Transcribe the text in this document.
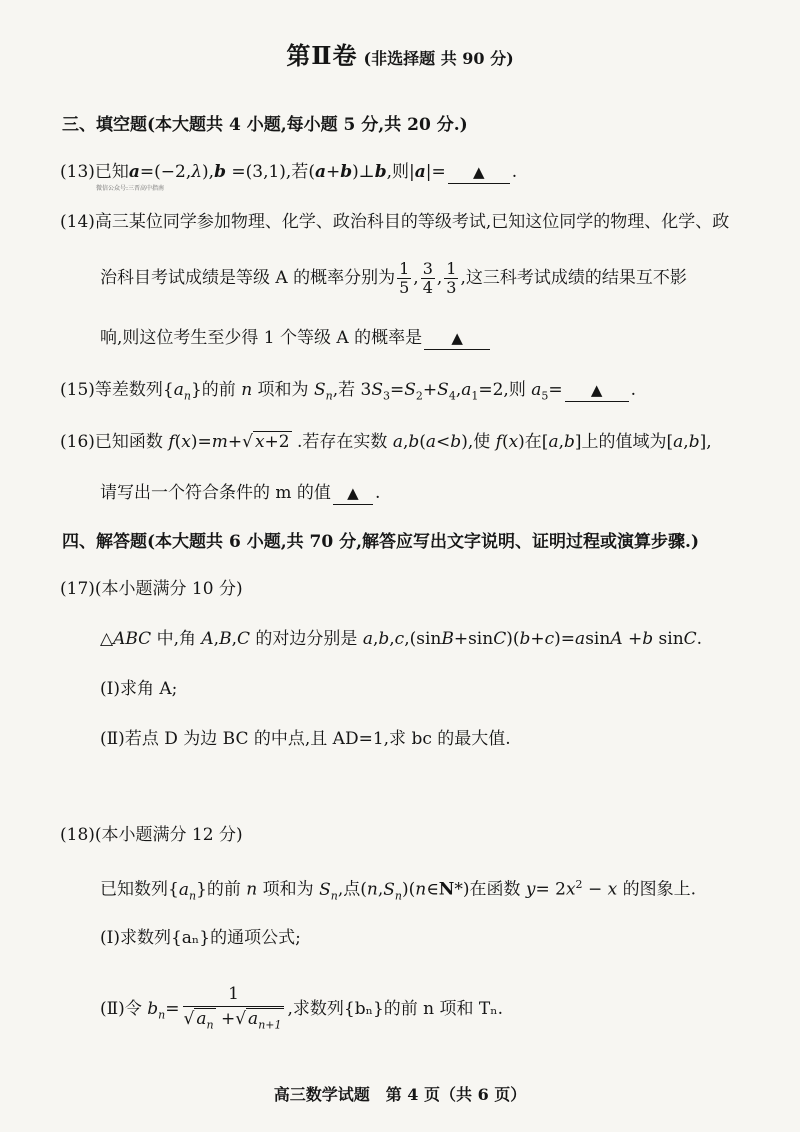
第Ⅱ卷 (非选择题 共 90 分)
三、填空题(本大题共 4 小题,每小题 5 分,共 20 分.)
(13)已知a=(−2,λ),b =(3,1),若(a+b)⊥b,则|a|= ▲ .
微信公众号:三晋高中指南
(14)高三某位同学参加物理、化学、政治科目的等级考试,已知这位同学的物理、化学、政
治科目考试成绩是等级 A 的概率分别为 $\frac{1}{5}$ , $\frac{3}{4}$ , $\frac{1}{3}$ ,这三科考试成绩的结果互不影
响,则这位考生至少得 1 个等级 A 的概率是 ▲
(15)等差数列$\{a_n\}$的前 n 项和为 $S_n$,若 $3S_3=S_2+S_4,a_1=2$,则 $a_5=$ ▲ .
(16)已知函数 f(x)=m+√ x+2 .若存在实数 a,b(a<b),使 f(x)在[a,b]上的值域为[a,b],
请写出一个符合条件的 m 的值 ▲ .
四、解答题(本大题共 6 小题,共 70 分,解答应写出文字说明、证明过程或演算步骤.)
(17)(本小题满分 10 分)
△ABC 中,角 A,B,C 的对边分别是 a,b,c,(sinB+sinC)(b+c)=asinA +b sinC.
(Ⅰ)求角 A;
(Ⅱ)若点 D 为边 BC 的中点,且 AD=1,求 bc 的最大值.
(18)(本小题满分 12 分)
已知数列$\{a_n\}$的前 n 项和为 $S_n$,点$(n,S_n)(n\in N*)$在函数 $y= 2x^2 - x$ 的图象上.
(Ⅰ)求数列{aₙ}的通项公式;
(Ⅱ)令 $b_n= \frac{1}{√ a_n +√ a_{n+1}}$ ,求数列{bₙ}的前 n 项和 Tₙ.
高三数学试题　第 4 页（共 6 页）
